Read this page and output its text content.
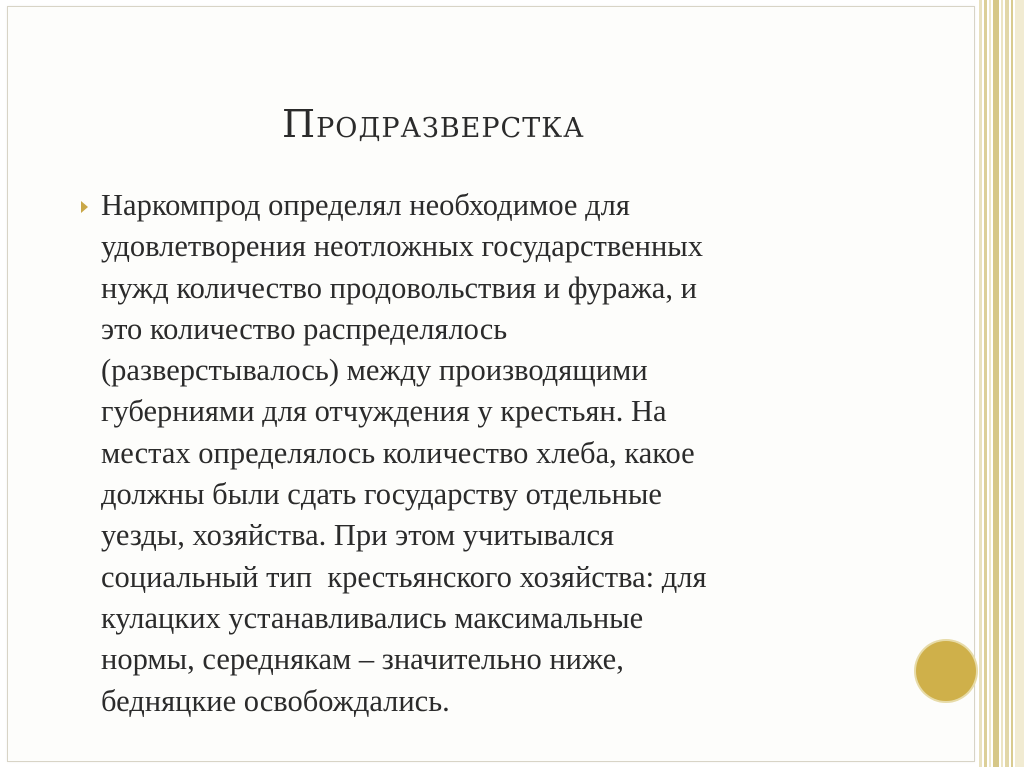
Продразверстка

Наркомпрод определял необходимое для
удовлетворения неотложных государственных
нужд количество продовольствия и фуража, и
это количество распределялось
(разверстывалось) между производящими
губерниями для отчуждения у крестьян. На
местах определялось количество хлеба, какое
должны были сдать государству отдельные
уезды, хозяйства. При этом учитывался
социальный тип  крестьянского хозяйства: для
кулацких устанавливались максимальные
нормы, середнякам – значительно ниже,
бедняцкие освобождались.
